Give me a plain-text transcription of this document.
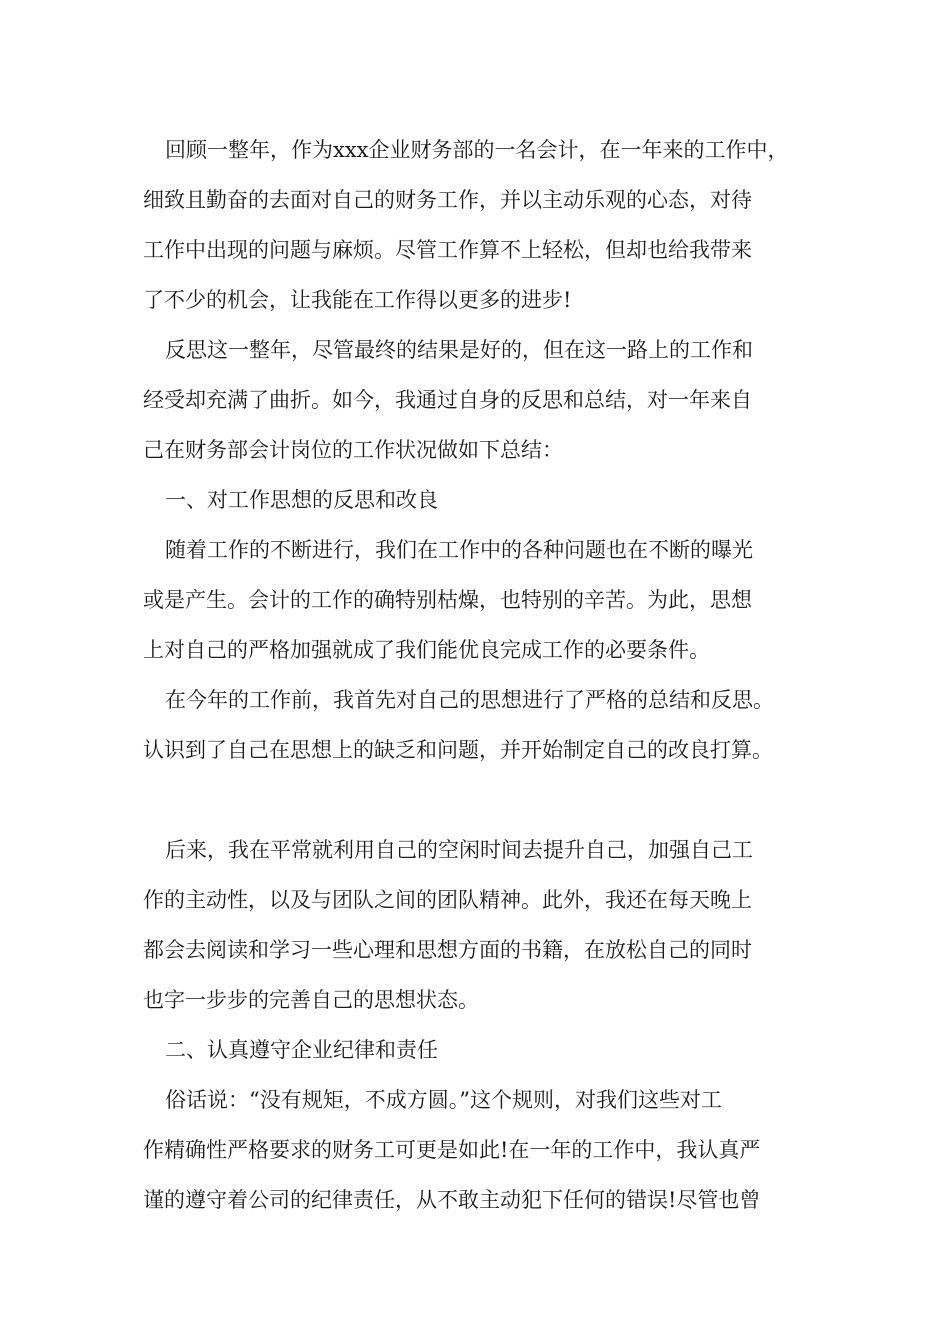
回顾一整年，作为xxx企业财务部的一名会计，在一年来的工作中，

细致且勤奋的去面对自己的财务工作，并以主动乐观的心态，对待

工作中出现的问题与麻烦。尽管工作算不上轻松，但却也给我带来

了不少的机会，让我能在工作得以更多的进步!

反思这一整年，尽管最终的结果是好的，但在这一路上的工作和

经受却充满了曲折。如今，我通过自身的反思和总结，对一年来自

己在财务部会计岗位的工作状况做如下总结：

一、对工作思想的反思和改良

随着工作的不断进行，我们在工作中的各种问题也在不断的曝光

或是产生。会计的工作的确特别枯燥，也特别的辛苦。为此，思想

上对自己的严格加强就成了我们能优良完成工作的必要条件。

在今年的工作前，我首先对自己的思想进行了严格的总结和反思。

认识到了自己在思想上的缺乏和问题，并开始制定自己的改良打算。

后来，我在平常就利用自己的空闲时间去提升自己，加强自己工

作的主动性，以及与团队之间的团队精神。此外，我还在每天晚上

都会去阅读和学习一些心理和思想方面的书籍，在放松自己的同时

也字一步步的完善自己的思想状态。

二、认真遵守企业纪律和责任

俗话说：“没有规矩，不成方圆。”这个规则，对我们这些对工

作精确性严格要求的财务工可更是如此!在一年的工作中，我认真严

谨的遵守着公司的纪律责任，从不敢主动犯下任何的错误!尽管也曾
